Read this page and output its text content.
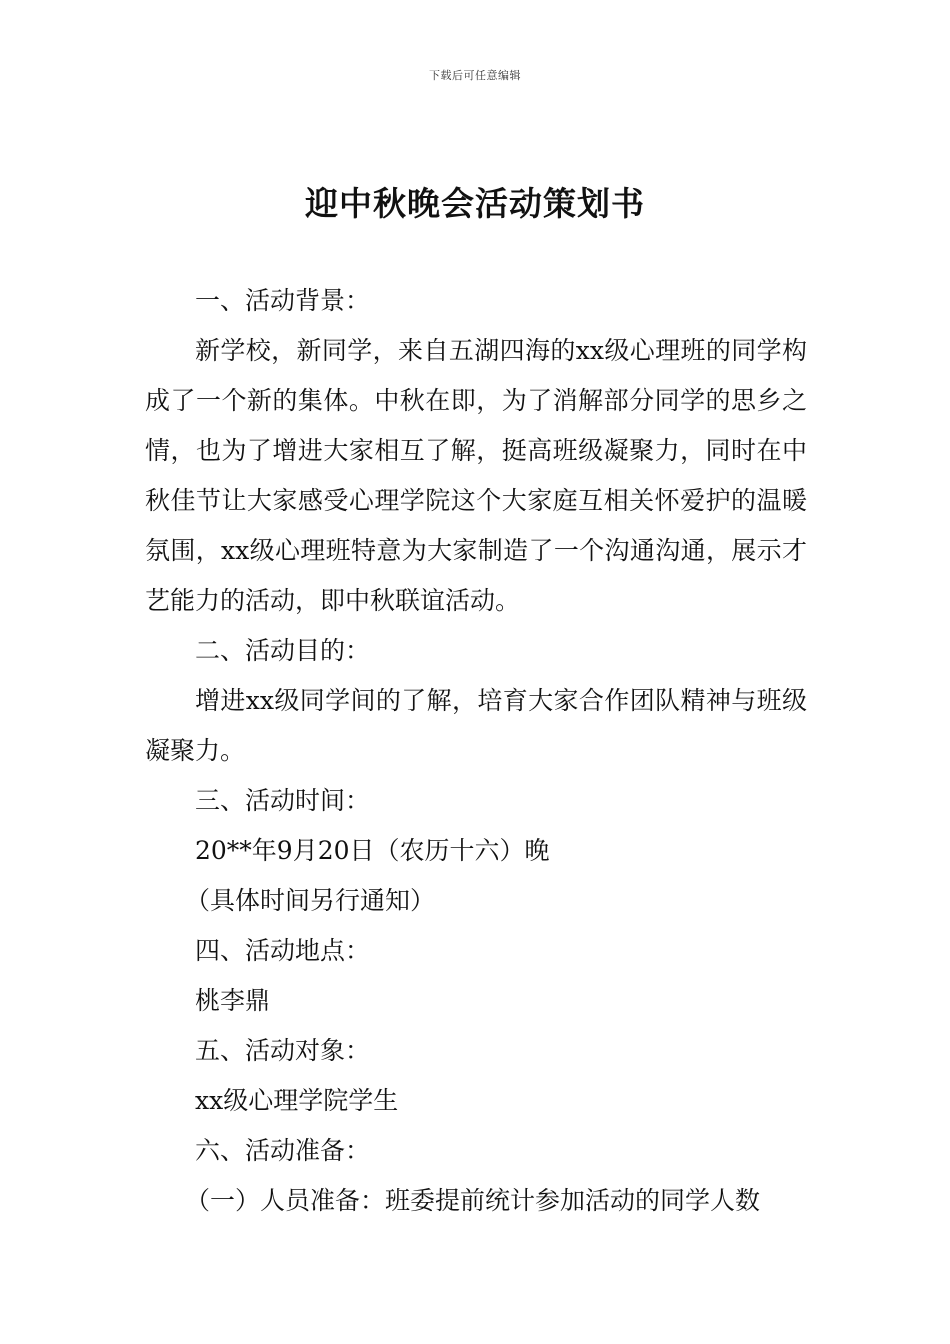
下载后可任意编辑
迎中秋晚会活动策划书

一、活动背景：

新学校，新同学，来自五湖四海的xx级心理班的同学构成了一个新的集体。中秋在即，为了消解部分同学的思乡之情，也为了增进大家相互了解，挺高班级凝聚力，同时在中秋佳节让大家感受心理学院这个大家庭互相关怀爱护的温暖氛围，xx级心理班特意为大家制造了一个沟通沟通，展示才艺能力的活动，即中秋联谊活动。

二、活动目的：

增进xx级同学间的了解，培育大家合作团队精神与班级凝聚力。

三、活动时间：

20**年9月20日（农历十六）晚

（具体时间另行通知）

四、活动地点：

桃李鼎

五、活动对象：

xx级心理学院学生

六、活动准备：

（一）人员准备：班委提前统计参加活动的同学人数
